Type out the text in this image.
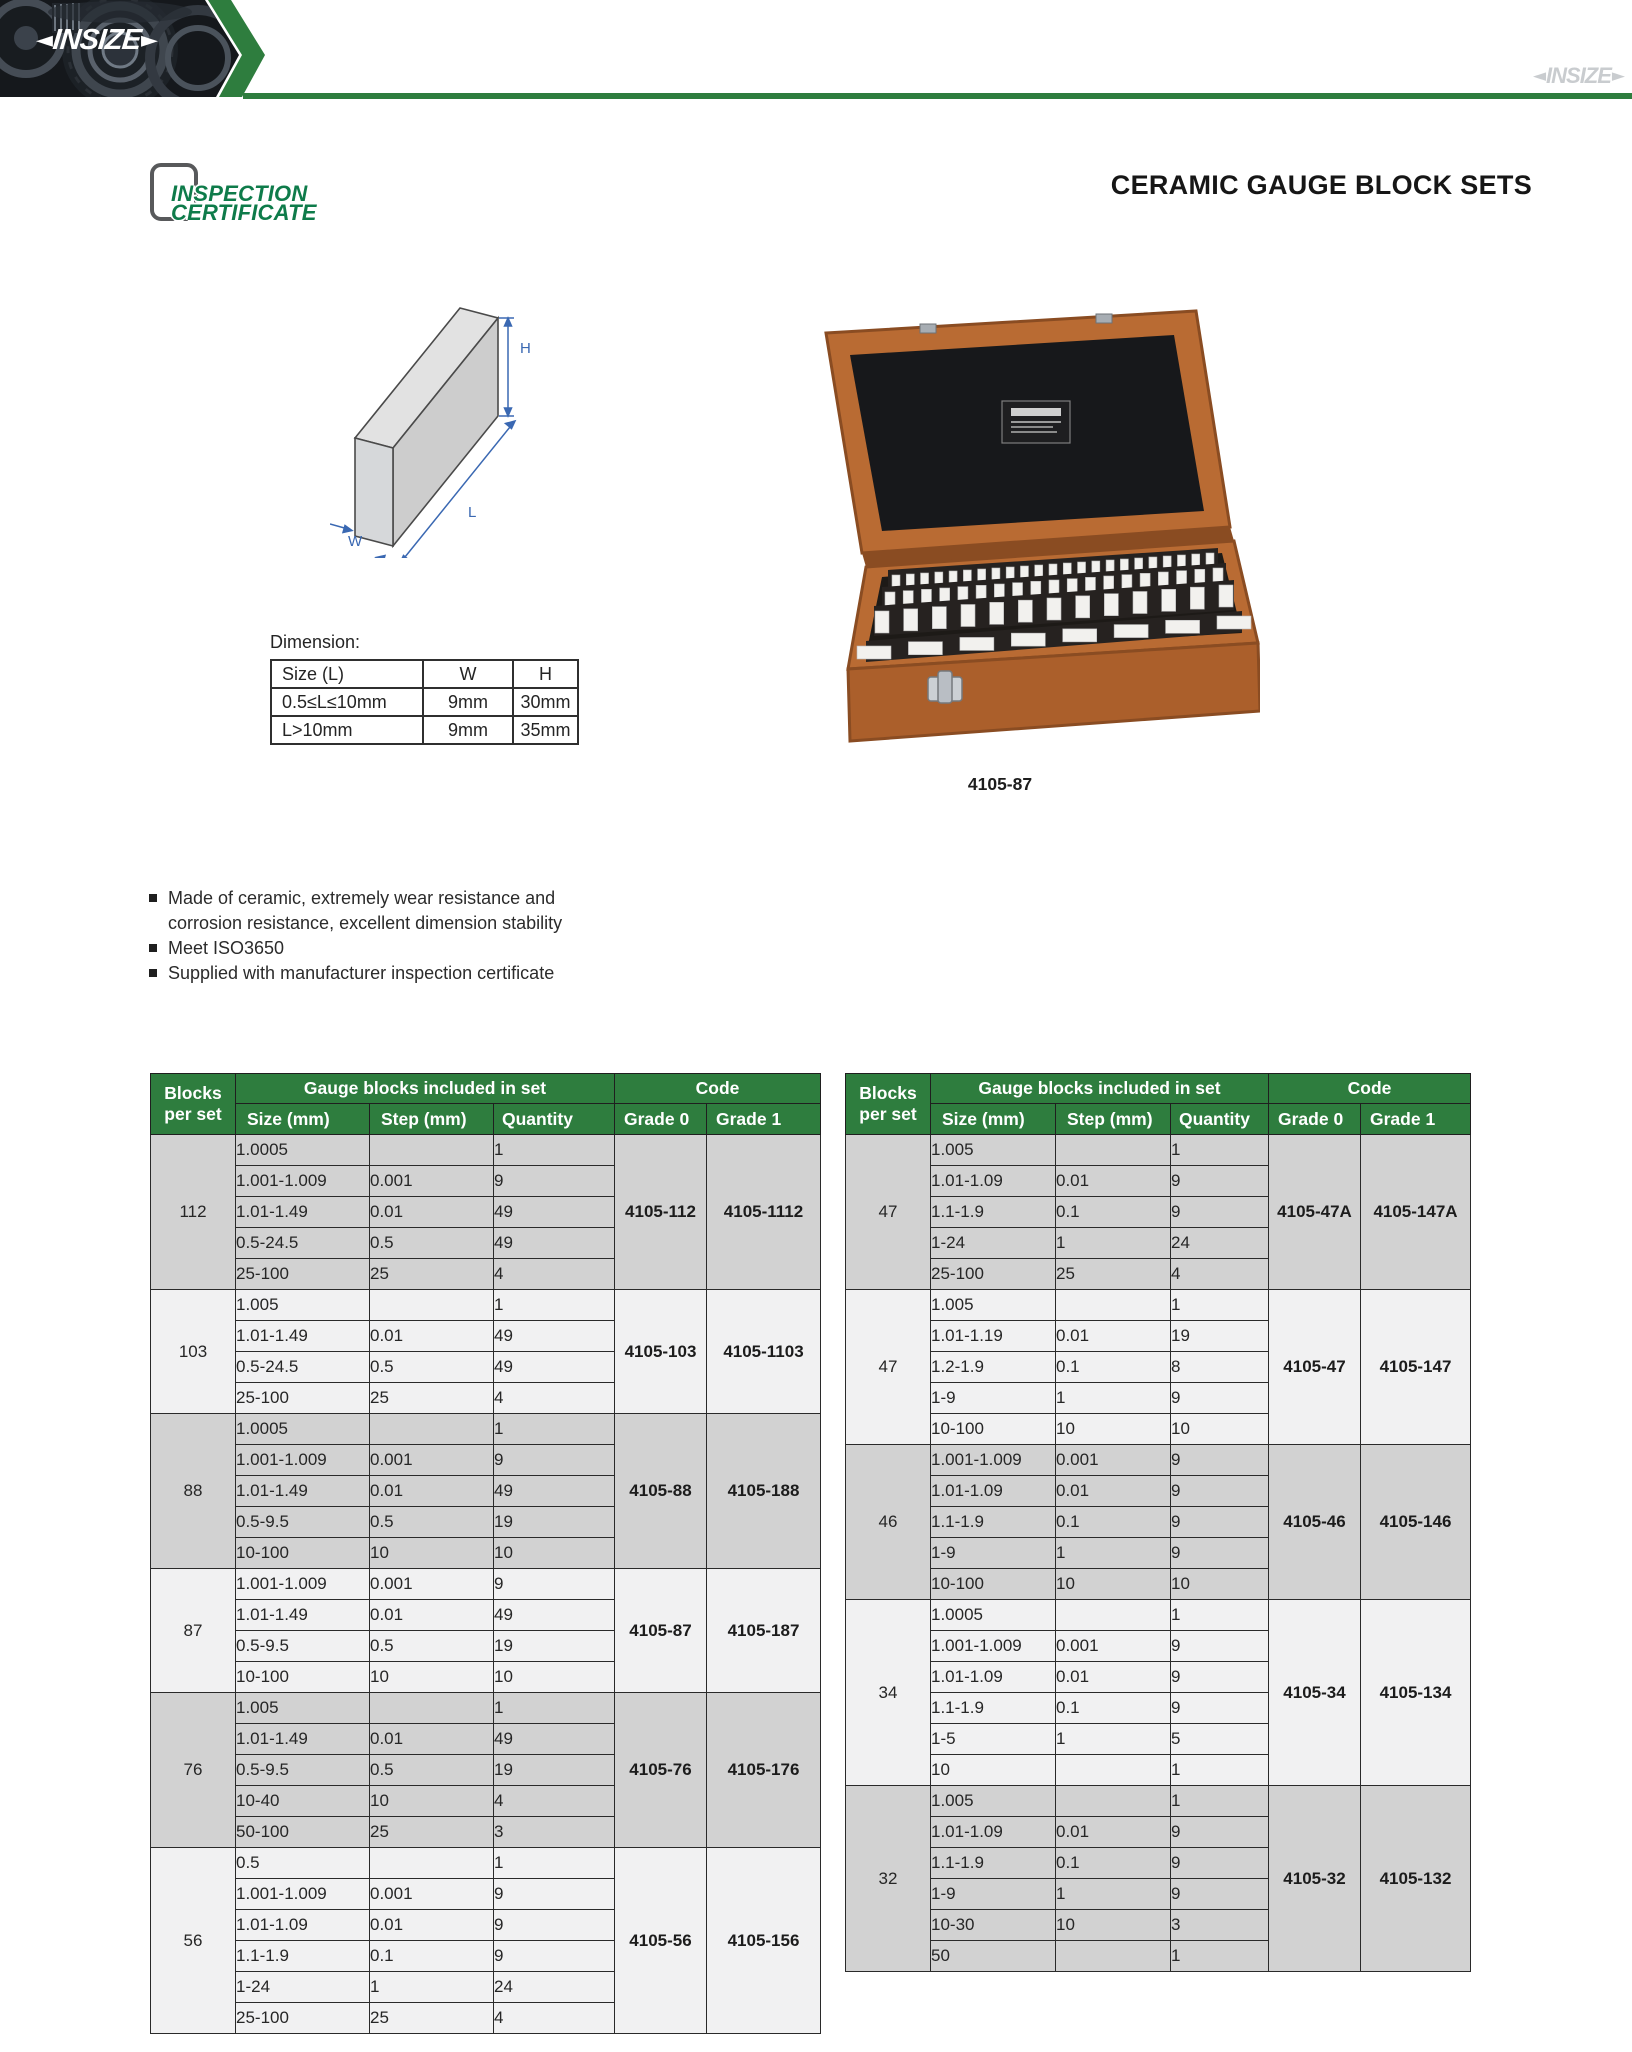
◄ INSIZE ►
◄ INSIZE ►
INSPECTION
CERTIFICATE
CERAMIC GAUGE BLOCK SETS
H
W
L
Dimension:
Size (L)	W	H
0.5≤L≤10mm	9mm	30mm
L>10mm	9mm	35mm
4105-87
Made of ceramic, extremely wear resistance and corrosion resistance, excellent dimension stability
Meet ISO3650
Supplied with manufacturer inspection certificate
Blocks per set	Gauge blocks included in set			Code	
	Size (mm)	Step (mm)	Quantity	Grade 0	Grade 1
112	1.0005		1	4105-112	4105-1112
	1.001-1.009	0.001	9		
	1.01-1.49	0.01	49		
	0.5-24.5	0.5	49		
	25-100	25	4		
103	1.005		1	4105-103	4105-1103
	1.01-1.49	0.01	49		
	0.5-24.5	0.5	49		
	25-100	25	4		
88	1.0005		1	4105-88	4105-188
	1.001-1.009	0.001	9		
	1.01-1.49	0.01	49		
	0.5-9.5	0.5	19		
	10-100	10	10		
87	1.001-1.009	0.001	9	4105-87	4105-187
	1.01-1.49	0.01	49		
	0.5-9.5	0.5	19		
	10-100	10	10		
76	1.005		1	4105-76	4105-176
	1.01-1.49	0.01	49		
	0.5-9.5	0.5	19		
	10-40	10	4		
	50-100	25	3		
56	0.5		1	4105-56	4105-156
	1.001-1.009	0.001	9		
	1.01-1.09	0.01	9		
	1.1-1.9	0.1	9		
	1-24	1	24		
	25-100	25	4		
Blocks per set	Gauge blocks included in set			Code	
	Size (mm)	Step (mm)	Quantity	Grade 0	Grade 1
47	1.005		1	4105-47A	4105-147A
	1.01-1.09	0.01	9		
	1.1-1.9	0.1	9		
	1-24	1	24		
	25-100	25	4		
47	1.005		1	4105-47	4105-147
	1.01-1.19	0.01	19		
	1.2-1.9	0.1	8		
	1-9	1	9		
	10-100	10	10		
46	1.001-1.009	0.001	9	4105-46	4105-146
	1.01-1.09	0.01	9		
	1.1-1.9	0.1	9		
	1-9	1	9		
	10-100	10	10		
34	1.0005		1	4105-34	4105-134
	1.001-1.009	0.001	9		
	1.01-1.09	0.01	9		
	1.1-1.9	0.1	9		
	1-5	1	5		
	10		1		
32	1.005		1	4105-32	4105-132
	1.01-1.09	0.01	9		
	1.1-1.9	0.1	9		
	1-9	1	9		
	10-30	10	3		
	50		1		
